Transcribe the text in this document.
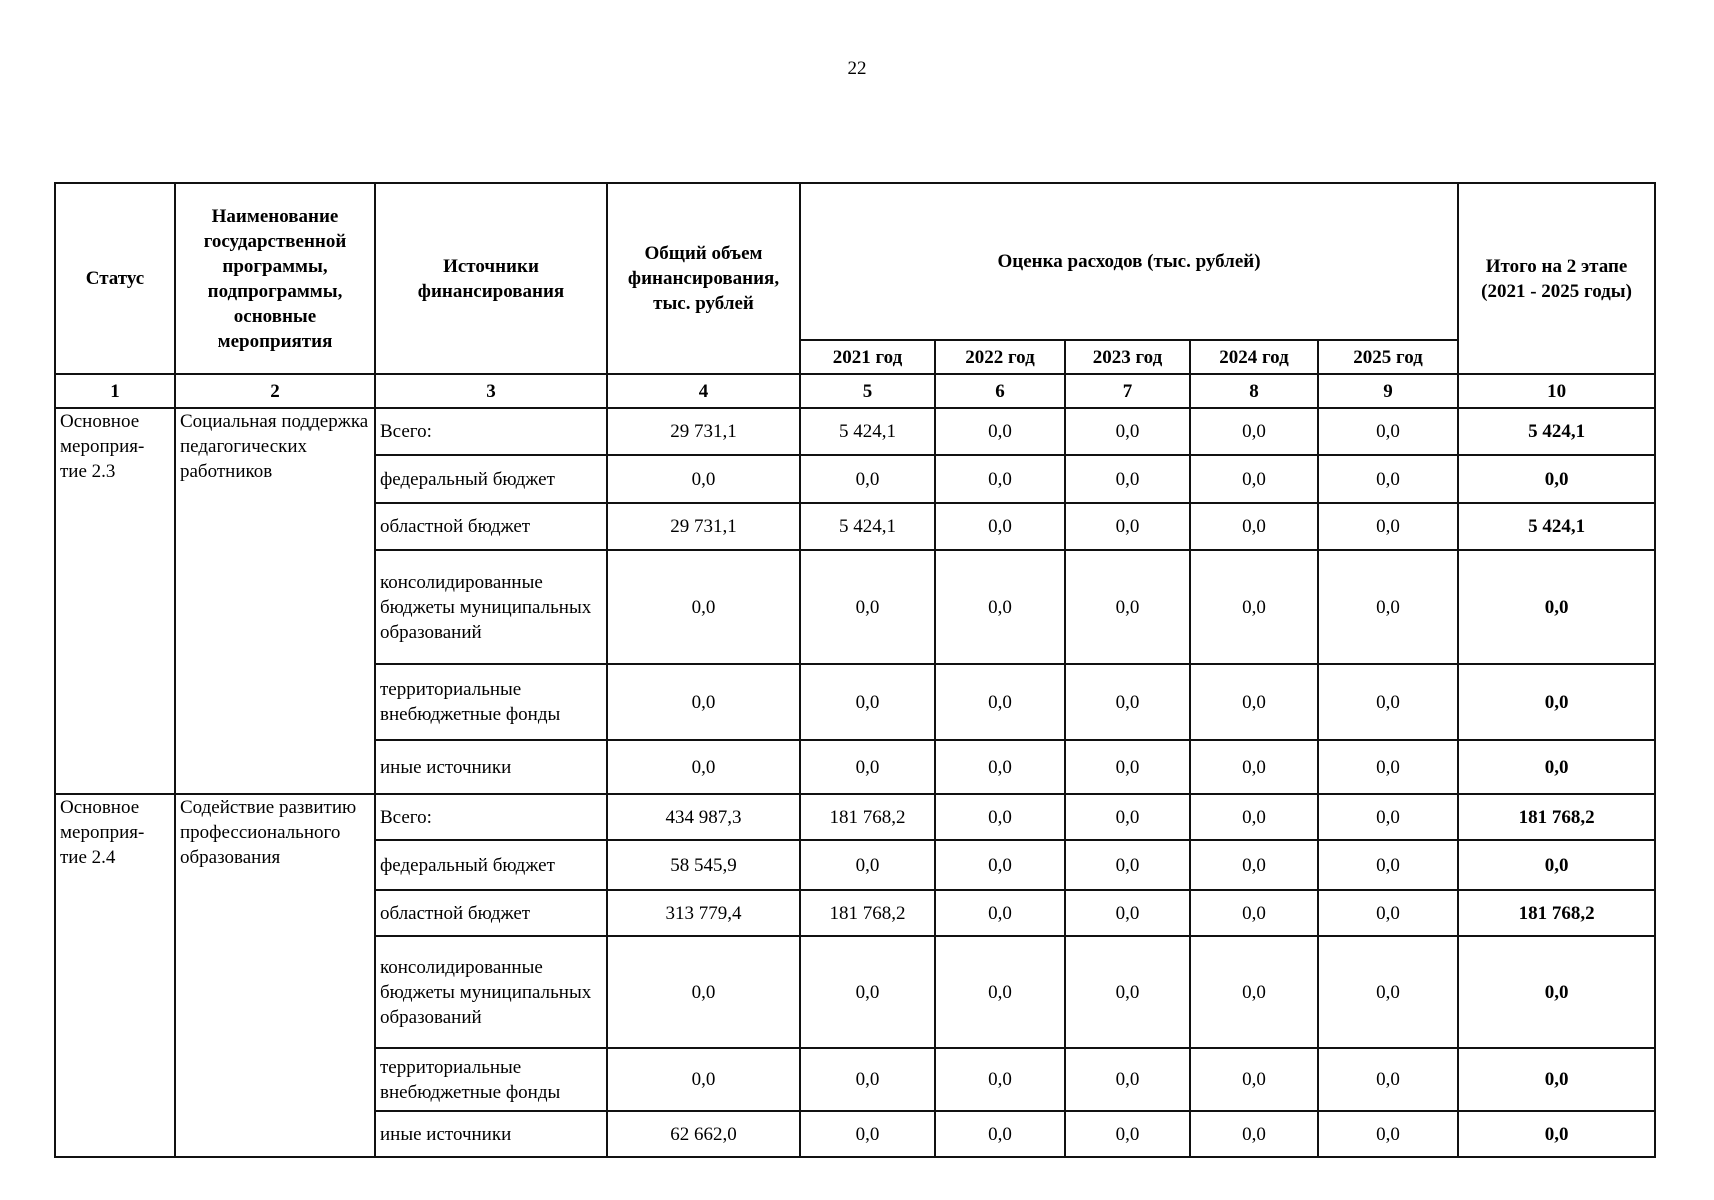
22
Статус	Наименование государственной программы, подпрограммы, основные мероприятия	Источники финансирования	Общий объем финансирования, тыс. рублей	Оценка расходов (тыс. рублей)					Итого на 2 этапе (2021 - 2025 годы)
				2021 год	2022 год	2023 год	2024 год	2025 год	
1	2	3	4	5	6	7	8	9	10
Основное мероприя-тие 2.3	Социальная поддержка педагогических работников	Всего:	29 731,1	5 424,1	0,0	0,0	0,0	0,0	5 424,1
		федеральный бюджет	0,0	0,0	0,0	0,0	0,0	0,0	0,0
		областной бюджет	29 731,1	5 424,1	0,0	0,0	0,0	0,0	5 424,1
		консолидированные бюджеты муниципальных образований	0,0	0,0	0,0	0,0	0,0	0,0	0,0
		территориальные внебюджетные фонды	0,0	0,0	0,0	0,0	0,0	0,0	0,0
		иные источники	0,0	0,0	0,0	0,0	0,0	0,0	0,0
Основное мероприя-тие 2.4	Содействие развитию профессионального образования	Всего:	434 987,3	181 768,2	0,0	0,0	0,0	0,0	181 768,2
		федеральный бюджет	58 545,9	0,0	0,0	0,0	0,0	0,0	0,0
		областной бюджет	313 779,4	181 768,2	0,0	0,0	0,0	0,0	181 768,2
		консолидированные бюджеты муниципальных образований	0,0	0,0	0,0	0,0	0,0	0,0	0,0
		территориальные внебюджетные фонды	0,0	0,0	0,0	0,0	0,0	0,0	0,0
		иные источники	62 662,0	0,0	0,0	0,0	0,0	0,0	0,0
